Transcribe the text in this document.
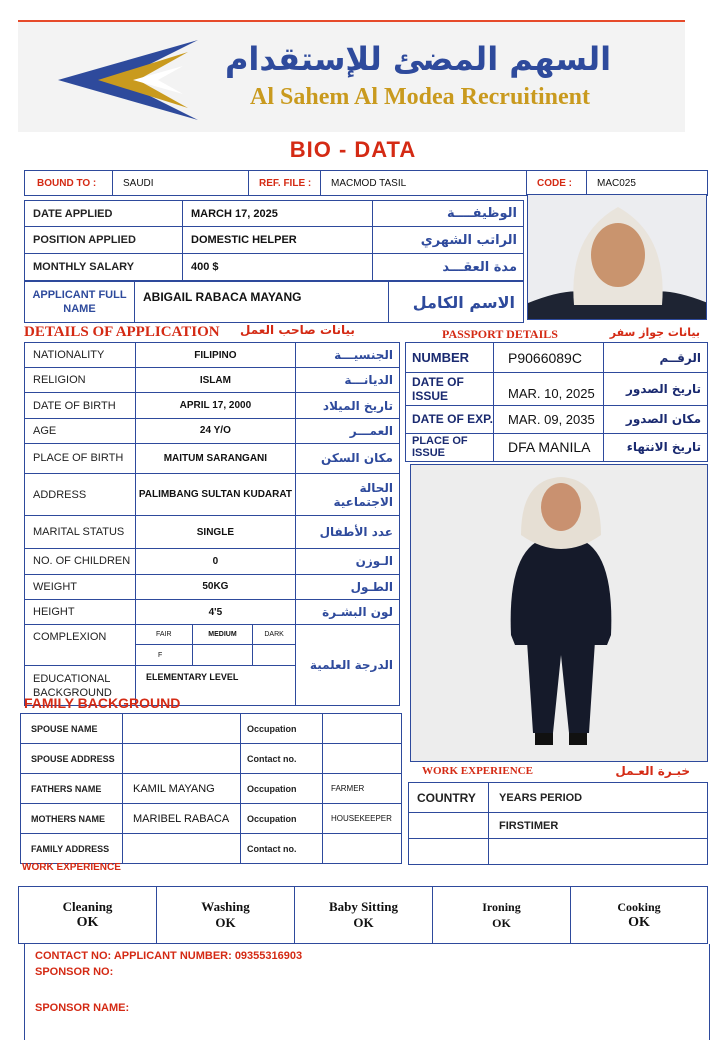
السهم المضئ للإستقدام
Al Sahem Al Modea Recruitinent
BIO - DATA
BOUND TO :	SAUDI	REF. FILE :	MACMOD TASIL	CODE :	MAC025
DATE APPLIED	MARCH 17, 2025	الوظيفــــة
POSITION APPLIED	DOMESTIC HELPER	الراتب الشهري
MONTHLY SALARY	400 $	مدة العقـــد
APPLICANT FULL NAME	ABIGAIL RABACA MAYANG	الاسم الكامل
DETAILS OF APPLICATION بيانات صاحب العمل	PASSPORT DETAILS	بيانات جواز سفر
NATIONALITY	FILIPINO			الجنسيـــة
RELIGION	ISLAM			الديانـــة
DATE OF BIRTH	APRIL 17, 2000			تاريخ الميلاد
AGE	24 Y/O			العمـــر
PLACE OF BIRTH	MAITUM SARANGANI			مكان السكن
ADDRESS	PALIMBANG SULTAN KUDARAT			الحالة الاجتماعية
MARITAL STATUS	SINGLE			عدد الأطفال
NO. OF CHILDREN	0			الـوزن
WEIGHT	50KG			الطـول
HEIGHT	4'5			لون البشـرة
COMPLEXION	FAIR	MEDIUM	DARK	الدرجة العلمية
	F			
EDUCATIONAL BACKGROUND	ELEMENTARY LEVEL			
NUMBER	P9066089C	الرقــم
DATE OF ISSUE	MAR. 10, 2025	تاريخ الصدور
DATE OF EXP.	MAR. 09, 2035	مكان الصدور
PLACE OF ISSUE	DFA MANILA	تاريخ الانتهاء
FAMILY BACKGROUND
SPOUSE NAME		Occupation	
SPOUSE ADDRESS		Contact no.	
FATHERS NAME	KAMIL MAYANG	Occupation	FARMER
MOTHERS NAME	MARIBEL RABACA	Occupation	HOUSEKEEPER
FAMILY ADDRESS		Contact no.	
WORK EXPERIENCE	خبـرة العـمل
COUNTRY	YEARS PERIOD
	FIRSTIMER

WORK EXPERIENCE
Cleaning
OK

Washing
OK

Baby Sitting
OK

Ironing
OK

Cooking
OK
CONTACT NO: APPLICANT NUMBER: 09355316903
SPONSOR NO:
SPONSOR NAME:
